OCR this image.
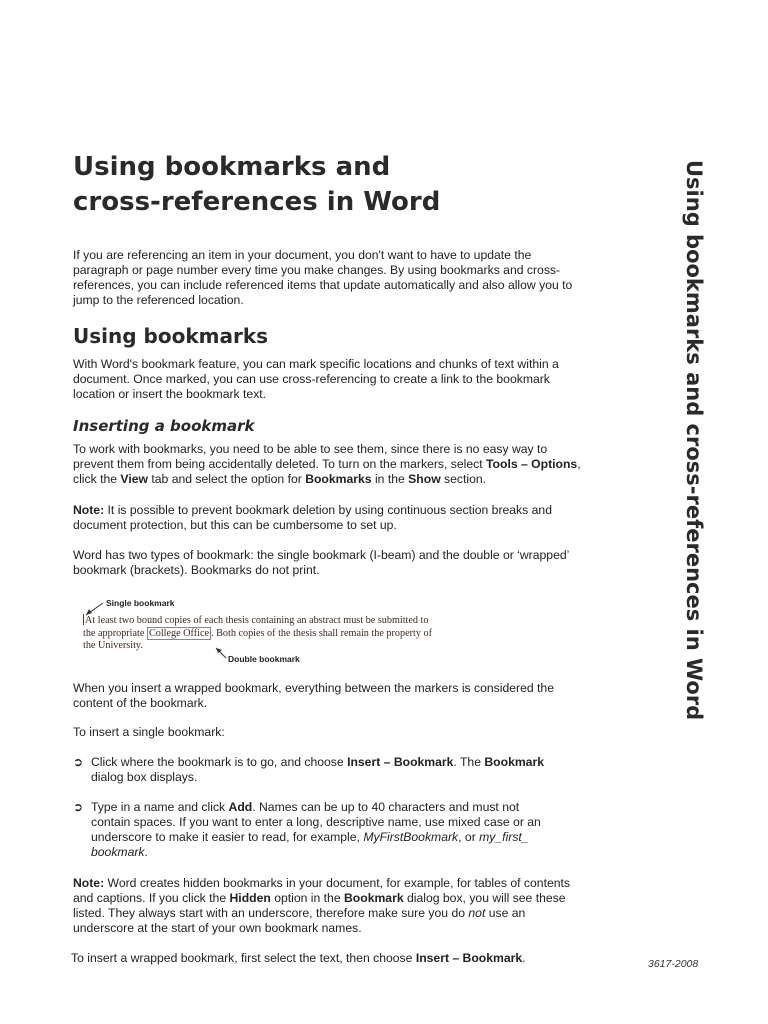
Using bookmarks and
cross-references in Word	Using bookmarks and cross-references in Word

If you are referencing an item in your document, you don't want to have to update the paragraph or page number every time you make changes. By using bookmarks and cross-references, you can include referenced items that update automatically and also allow you to jump to the referenced location.

Using bookmarks

With Word's bookmark feature, you can mark specific locations and chunks of text within a document. Once marked, you can use cross-referencing to create a link to the bookmark location or insert the bookmark text.

Inserting a bookmark

To work with bookmarks, you need to be able to see them, since there is no easy way to prevent them from being accidentally deleted. To turn on the markers, select Tools – Options, click the View tab and select the option for Bookmarks in the Show section.

Note: It is possible to prevent bookmark deletion by using continuous section breaks and document protection, but this can be cumbersome to set up.

Word has two types of bookmark: the single bookmark (I-beam) and the double or ‘wrapped’ bookmark (brackets). Bookmarks do not print.

Single bookmark
At least two bound copies of each thesis containing an abstract must be submitted to
the appropriate College Office . Both copies of the thesis shall remain the property of
the University.
Double bookmark

When you insert a wrapped bookmark, everything between the markers is considered the content of the bookmark.

To insert a single bookmark:

➲ Click where the bookmark is to go, and choose Insert – Bookmark. The Bookmark
dialog box displays.
➲ Type in a name and click Add. Names can be up to 40 characters and must not
contain spaces. If you want to enter a long, descriptive name, use mixed case or an underscore to make it easier to read, for example, MyFirstBookmark, or my_first_ bookmark.

Note: Word creates hidden bookmarks in your document, for example, for tables of contents and captions. If you click the Hidden option in the Bookmark dialog box, you will see these listed. They always start with an underscore, therefore make sure you do not use an underscore at the start of your own bookmark names.

To insert a wrapped bookmark, first select the text, then choose Insert – Bookmark.	3617-2008
